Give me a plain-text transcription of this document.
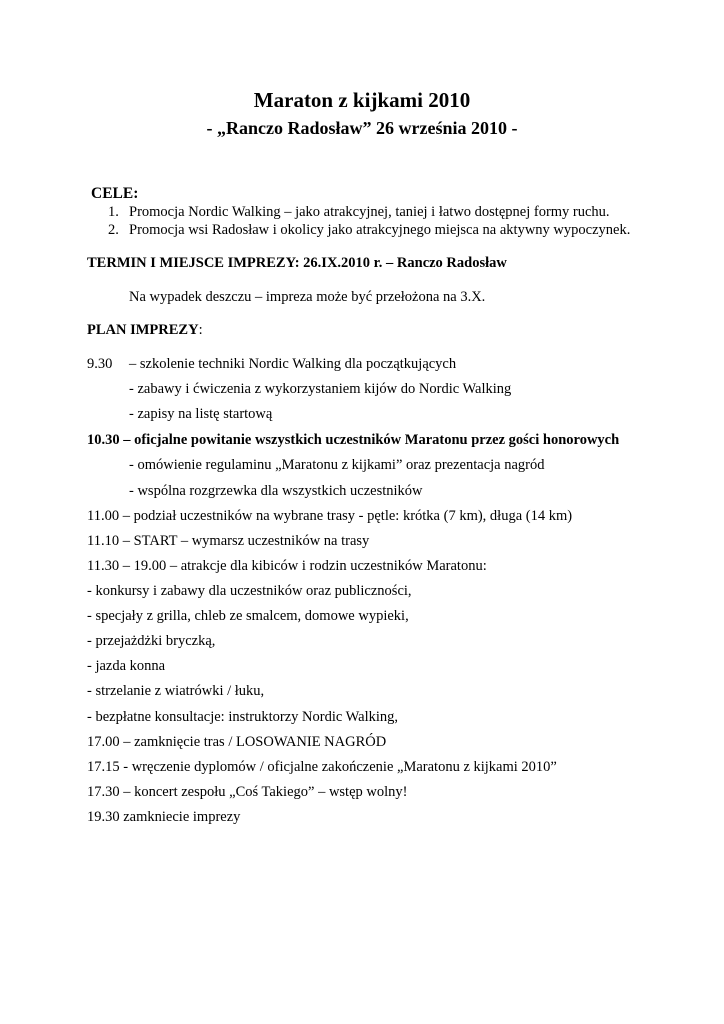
Maraton z kijkami 2010
- „Ranczo Radosław” 26 września 2010 -
CELE:
1. Promocja Nordic Walking – jako atrakcyjnej, taniej i łatwo dostępnej formy ruchu.
2. Promocja wsi Radosław i okolicy jako atrakcyjnego miejsca na aktywny wypoczynek.
TERMIN I MIEJSCE IMPREZY: 26.IX.2010 r. – Ranczo Radosław
Na wypadek deszczu – impreza może być przełożona na 3.X.
PLAN IMPREZY:
9.30 – szkolenie techniki Nordic Walking dla początkujących
- zabawy i ćwiczenia z wykorzystaniem kijów do Nordic Walking
- zapisy na listę startową
10.30 – oficjalne powitanie wszystkich uczestników Maratonu przez gości honorowych
- omówienie regulaminu „Maratonu z kijkami” oraz prezentacja nagród
- wspólna rozgrzewka dla wszystkich uczestników
11.00 – podział uczestników na wybrane trasy - pętle: krótka (7 km), długa (14 km)
11.10 – START – wymarsz uczestników na trasy
11.30 – 19.00 – atrakcje dla kibiców i rodzin uczestników Maratonu:
- konkursy i zabawy dla uczestników oraz publiczności,
- specjały z grilla, chleb ze smalcem, domowe wypieki,
- przejażdżki bryczką,
- jazda konna
- strzelanie z wiatrówki / łuku,
- bezpłatne konsultacje: instruktorzy Nordic Walking,
17.00 – zamknięcie tras / LOSOWANIE NAGRÓD
17.15 - wręczenie dyplomów / oficjalne zakończenie „Maratonu z kijkami 2010”
17.30 – koncert zespołu „Coś Takiego” – wstęp wolny!
19.30 zamkniecie imprezy
